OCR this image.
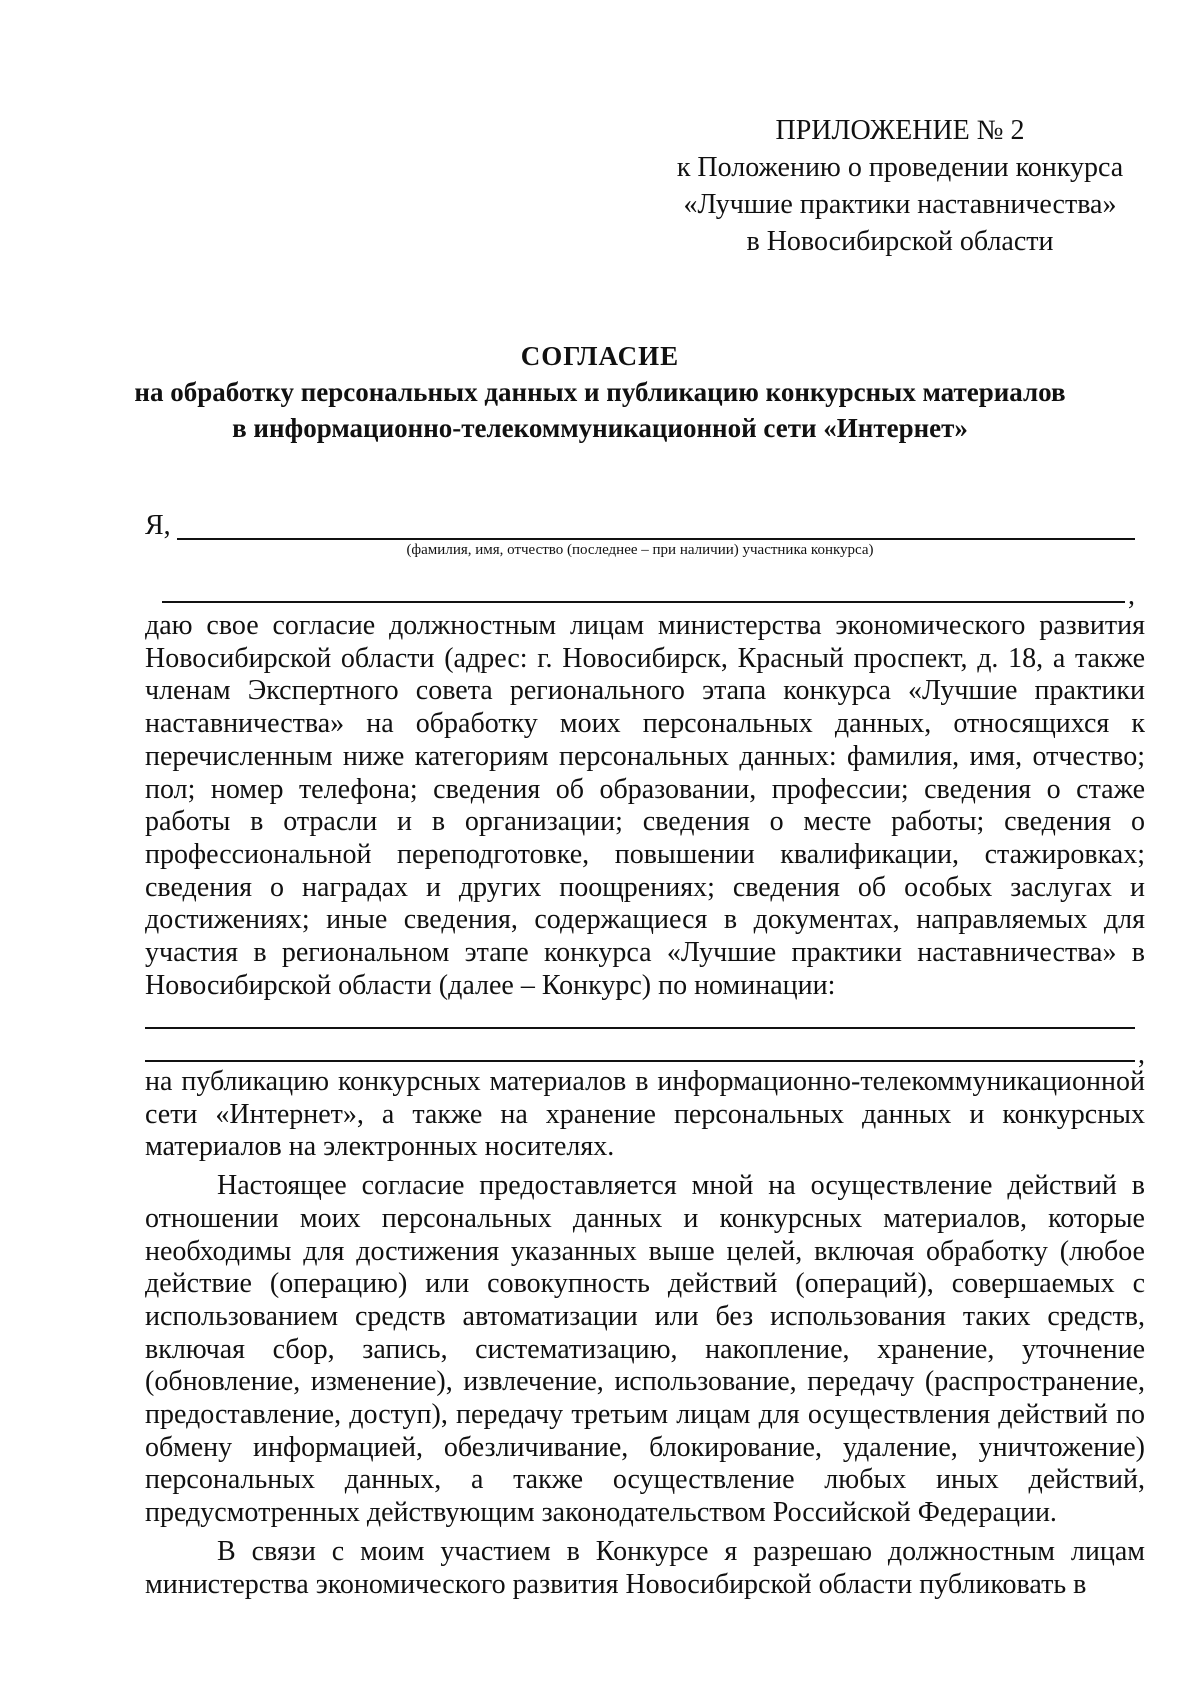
ПРИЛОЖЕНИЕ № 2
к Положению о проведении конкурса
«Лучшие практики наставничества»
в Новосибирской области
СОГЛАСИЕ
на обработку персональных данных и публикацию конкурсных материалов
в информационно-телекоммуникационной сети «Интернет»
Я,
(фамилия, имя, отчество (последнее – при наличии) участника конкурса)
,
даю свое согласие должностным лицам министерства экономического развития Новосибирской области (адрес: г. Новосибирск, Красный проспект, д. 18, а также членам Экспертного совета регионального этапа конкурса «Лучшие практики наставничества» на обработку моих персональных данных, относящихся к перечисленным ниже категориям персональных данных: фамилия, имя, отчество; пол; номер телефона; сведения об образовании, профессии; сведения о стаже работы в отрасли и в организации; сведения о месте работы; сведения о профессиональной переподготовке, повышении квалификации, стажировках; сведения о наградах и других поощрениях; сведения об особых заслугах и достижениях; иные сведения, содержащиеся в документах, направляемых для участия в региональном этапе конкурса «Лучшие практики наставничества» в Новосибирской области (далее – Конкурс) по номинации:
,
на публикацию конкурсных материалов в информационно-телекоммуникационной сети «Интернет», а также на хранение персональных данных и конкурсных материалов на электронных носителях.
Настоящее согласие предоставляется мной на осуществление действий в отношении моих персональных данных и конкурсных материалов, которые необходимы для достижения указанных выше целей, включая обработку (любое действие (операцию) или совокупность действий (операций), совершаемых с использованием средств автоматизации или без использования таких средств, включая сбор, запись, систематизацию, накопление, хранение, уточнение (обновление, изменение), извлечение, использование, передачу (распространение, предоставление, доступ), передачу третьим лицам для осуществления действий по обмену информацией, обезличивание, блокирование, удаление, уничтожение) персональных данных, а также осуществление любых иных действий, предусмотренных действующим законодательством Российской Федерации.
В связи с моим участием в Конкурсе я разрешаю должностным лицам министерства экономического развития Новосибирской области публиковать в
